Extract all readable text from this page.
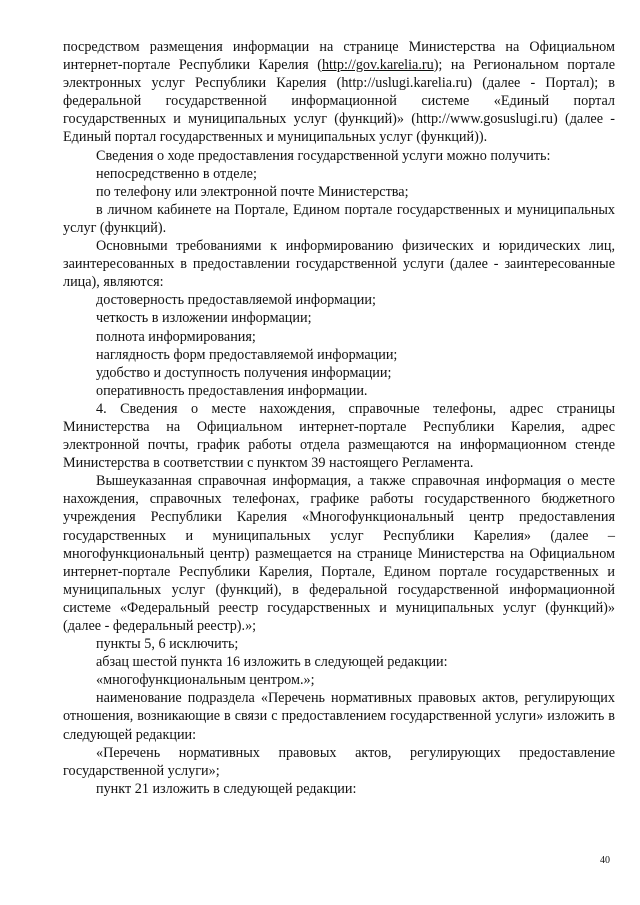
посредством размещения информации на странице Министерства на Официальном интернет-портале Республики Карелия (http://gov.karelia.ru); на Региональном портале электронных услуг Республики Карелия (http://uslugi.karelia.ru) (далее - Портал); в федеральной государственной информационной системе «Единый портал государственных и муниципальных услуг (функций)» (http://www.gosuslugi.ru) (далее - Единый портал государственных и муниципальных услуг (функций)).

Сведения о ходе предоставления государственной услуги можно получить:

непосредственно в отделе;

по телефону или электронной почте Министерства;

в личном кабинете на Портале, Едином портале государственных и муниципальных услуг (функций).

Основными требованиями к информированию физических и юридических лиц, заинтересованных в предоставлении государственной услуги (далее - заинтересованные лица), являются:

достоверность предоставляемой информации;

четкость в изложении информации;

полнота информирования;

наглядность форм предоставляемой информации;

удобство и доступность получения информации;

оперативность предоставления информации.

4. Сведения о месте нахождения, справочные телефоны, адрес страницы Министерства на Официальном интернет-портале Республики Карелия, адрес электронной почты, график работы отдела размещаются на информационном стенде Министерства в соответствии с пунктом 39 настоящего Регламента.

Вышеуказанная справочная информация, а также справочная информация о месте нахождения, справочных телефонах, графике работы государственного бюджетного учреждения Республики Карелия «Многофункциональный центр предоставления государственных и муниципальных услуг Республики Карелия» (далее – многофункциональный центр) размещается на странице Министерства на Официальном интернет-портале Республики Карелия, Портале, Едином портале государственных и муниципальных услуг (функций), в федеральной государственной информационной системе «Федеральный реестр государственных и муниципальных услуг (функций)» (далее - федеральный реестр).»;

пункты 5, 6 исключить;

абзац шестой пункта 16 изложить в следующей редакции:

«многофункциональным центром.»;

наименование подраздела «Перечень нормативных правовых актов, регулирующих отношения, возникающие в связи с предоставлением государственной услуги» изложить в следующей редакции:

«Перечень нормативных правовых актов, регулирующих предоставление государственной услуги»;

пункт 21 изложить в следующей редакции:

40
